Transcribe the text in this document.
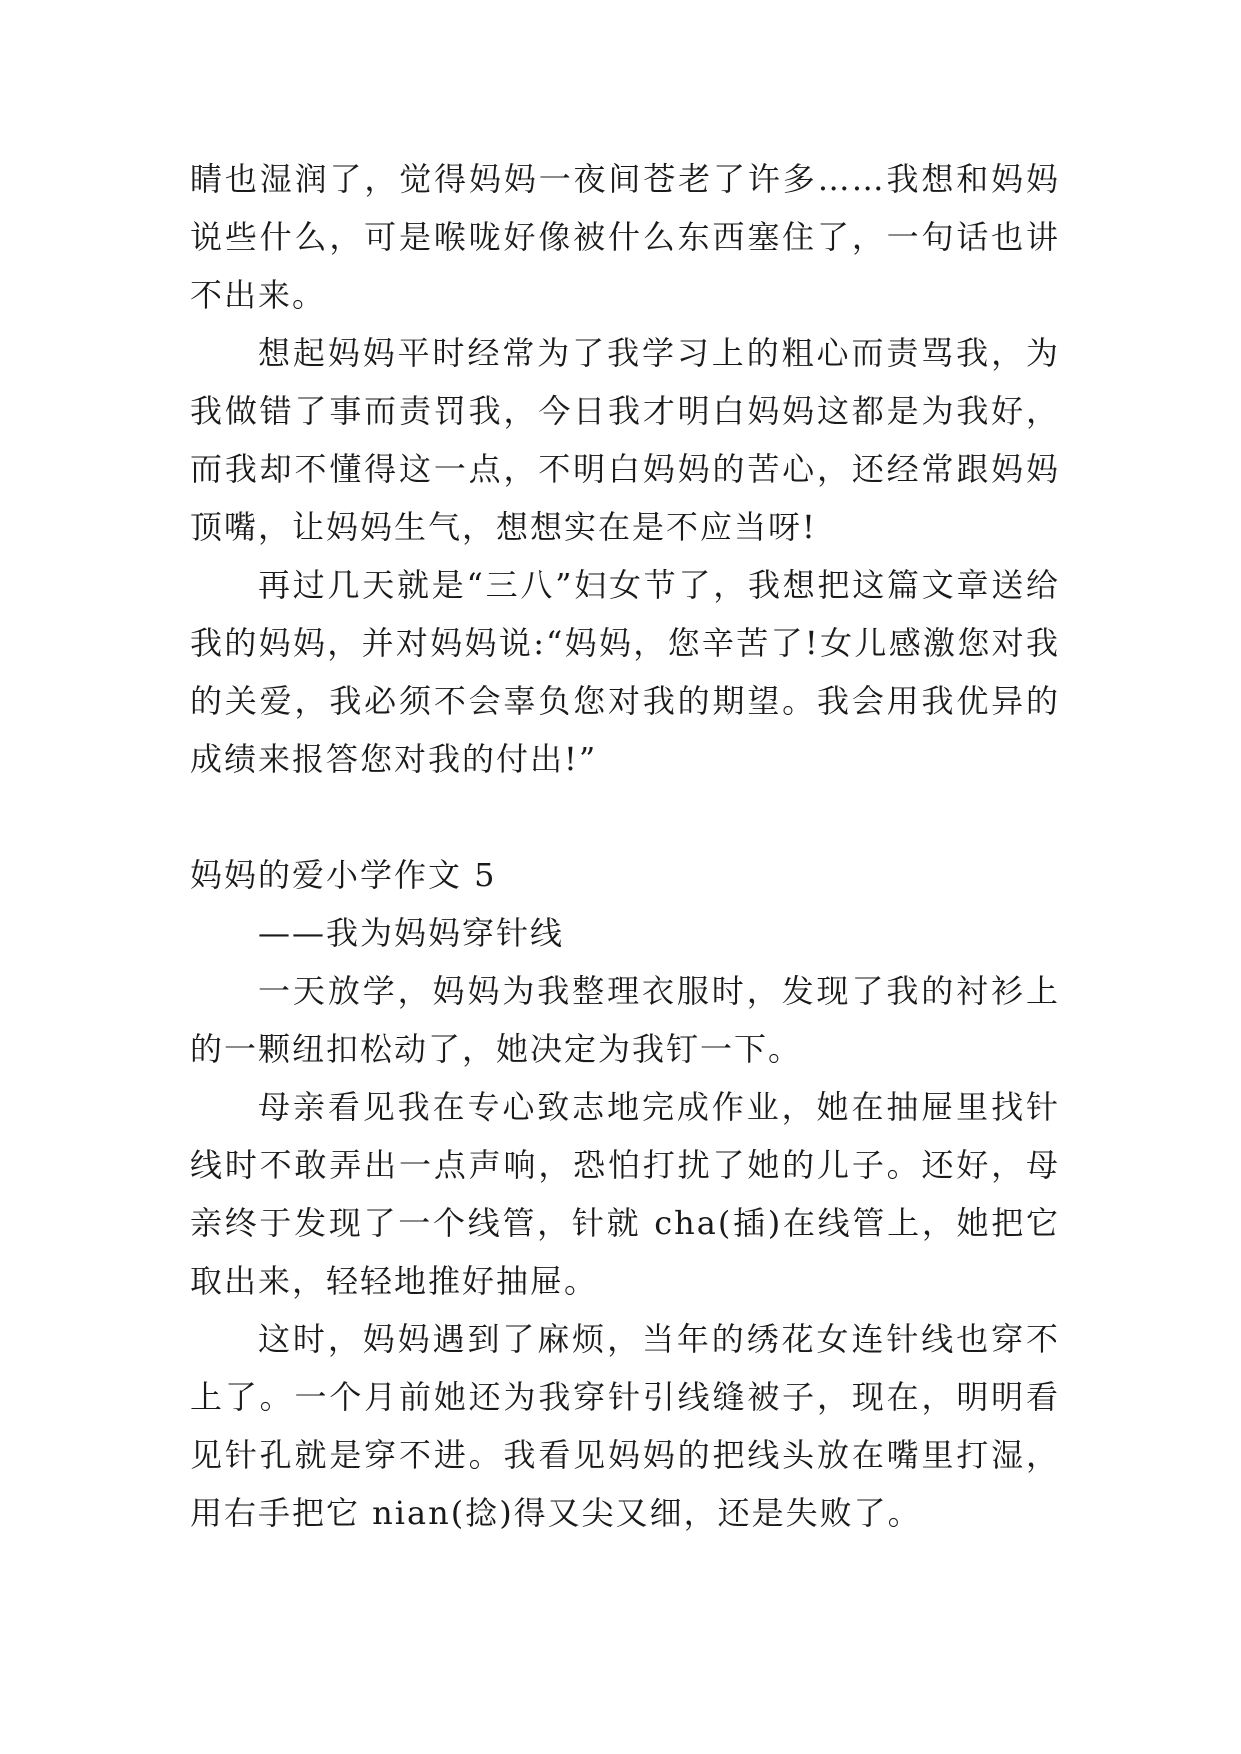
睛也湿润了，觉得妈妈一夜间苍老了许多……我想和妈妈说些什么，可是喉咙好像被什么东西塞住了，一句话也讲不出来。

想起妈妈平时经常为了我学习上的粗心而责骂我，为我做错了事而责罚我，今日我才明白妈妈这都是为我好，而我却不懂得这一点，不明白妈妈的苦心，还经常跟妈妈顶嘴，让妈妈生气，想想实在是不应当呀!

再过几天就是“三八”妇女节了，我想把这篇文章送给我的妈妈，并对妈妈说:“妈妈，您辛苦了!女儿感激您对我的关爱，我必须不会辜负您对我的期望。我会用我优异的成绩来报答您对我的付出!”

妈妈的爱小学作文 5

——我为妈妈穿针线

一天放学，妈妈为我整理衣服时，发现了我的衬衫上的一颗纽扣松动了，她决定为我钉一下。

母亲看见我在专心致志地完成作业，她在抽屉里找针线时不敢弄出一点声响，恐怕打扰了她的儿子。还好，母亲终于发现了一个线管，针就 cha(插)在线管上，她把它取出来，轻轻地推好抽屉。

这时，妈妈遇到了麻烦，当年的绣花女连针线也穿不上了。一个月前她还为我穿针引线缝被子，现在，明明看见针孔就是穿不进。我看见妈妈的把线头放在嘴里打湿，用右手把它 nian(捻)得又尖又细，还是失败了。
